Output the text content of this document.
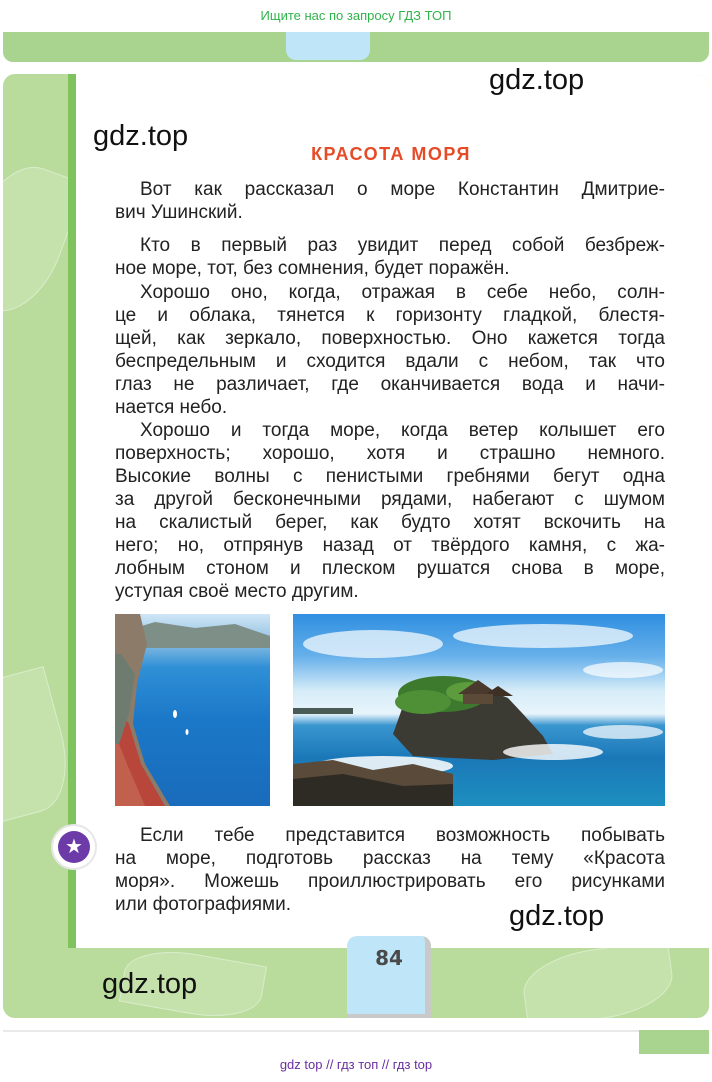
Ищите нас по запросу ГДЗ ТОП
КРАСОТА МОРЯ

Вот как рассказал о море Константин Дмитрие-
вич Ушинский.

Кто в первый раз увидит перед собой безбреж-
ное море, тот, без сомнения, будет поражён.

Хорошо оно, когда, отражая в себе небо, солн-
це и облака, тянется к горизонту гладкой, блестя-
щей, как зеркало, поверхностью. Оно кажется тогда
беспредельным и сходится вдали с небом, так что
глаз не различает, где оканчивается вода и начи-
нается небо.

Хорошо и тогда море, когда ветер колышет его
поверхность; хорошо, хотя и страшно немного.
Высокие волны с пенистыми гребнями бегут одна
за другой бесконечными рядами, набегают с шумом
на скалистый берег, как будто хотят вскочить на
него; но, отпрянув назад от твёрдого камня, с жа-
лобным стоном и плеском рушатся снова в море,
уступая своё место другим.

★

Если тебе представится возможность побывать
на море, подготовь рассказ на тему «Красота
моря». Можешь проиллюстрировать его рисунками
или фотографиями.

84
gdz.top
gdz.top
gdz.top
gdz.top
gdz top // гдз топ // гдз top
